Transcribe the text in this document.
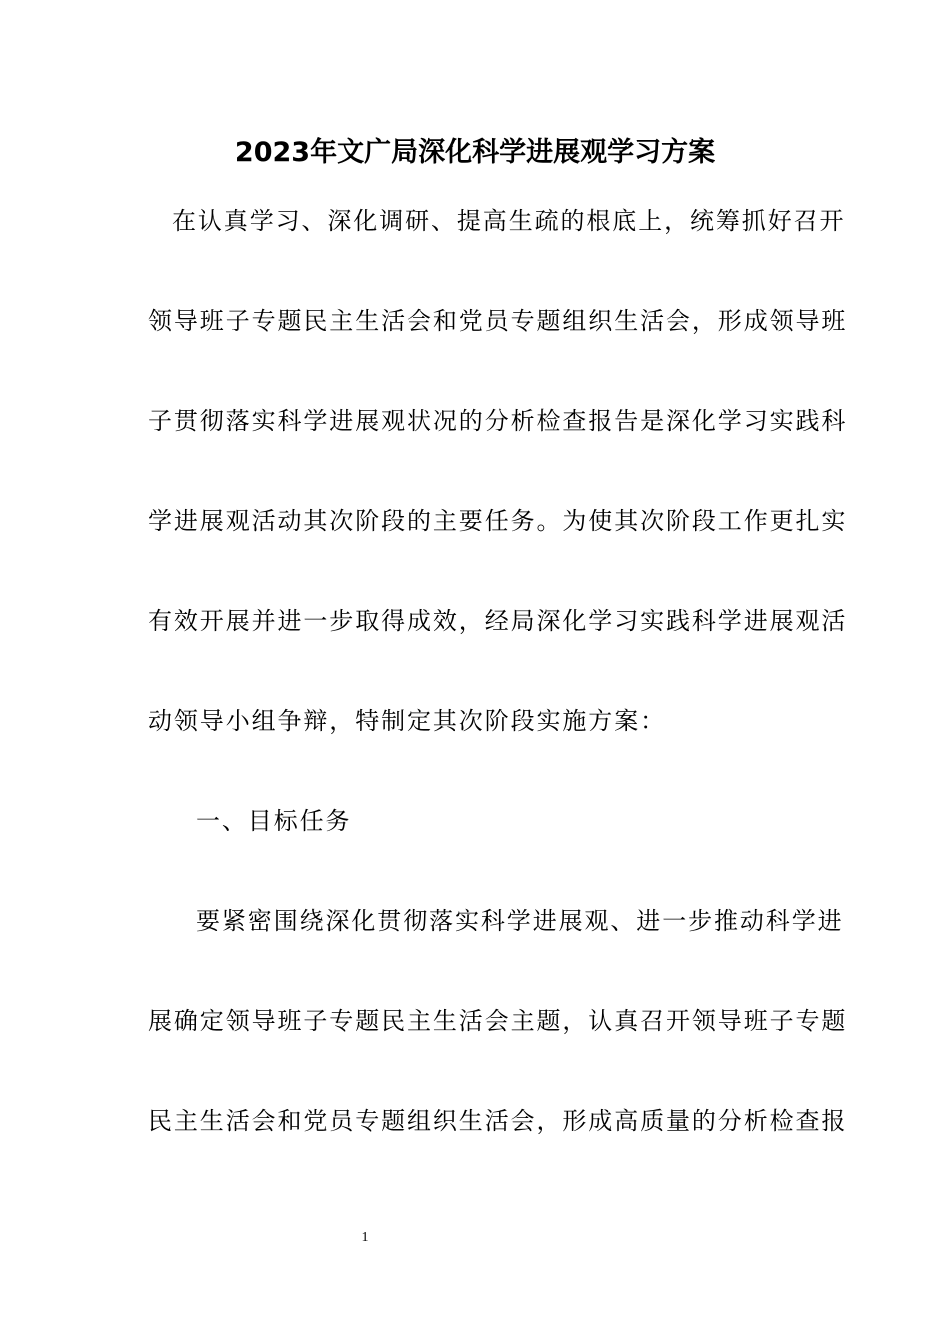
2023年文广局深化科学进展观学习方案
在认真学习、深化调研、提高生疏的根底上，统筹抓好召开
领导班子专题民主生活会和党员专题组织生活会，形成领导班
子贯彻落实科学进展观状况的分析检查报告是深化学习实践科
学进展观活动其次阶段的主要任务。为使其次阶段工作更扎实
有效开展并进一步取得成效，经局深化学习实践科学进展观活
动领导小组争辩，特制定其次阶段实施方案：
一、目标任务
要紧密围绕深化贯彻落实科学进展观、进一步推动科学进
展确定领导班子专题民主生活会主题，认真召开领导班子专题
民主生活会和党员专题组织生活会，形成高质量的分析检查报
1
